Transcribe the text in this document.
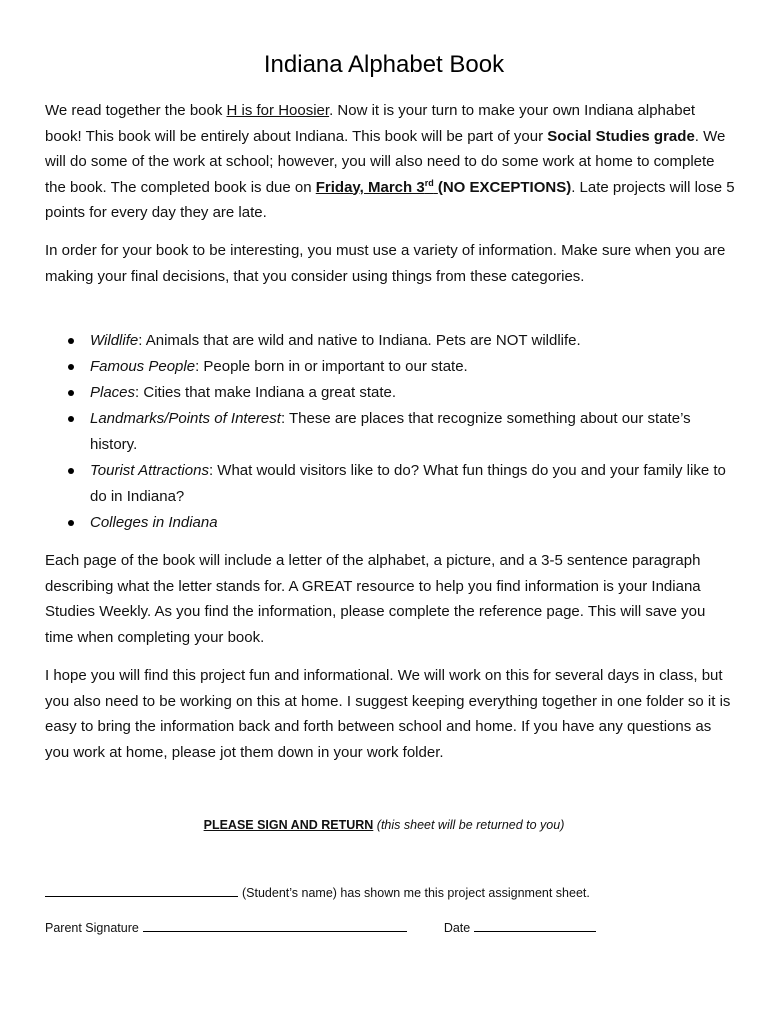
Indiana Alphabet Book

We read together the book H is for Hoosier. Now it is your turn to make your own Indiana alphabet book! This book will be entirely about Indiana. This book will be part of your Social Studies grade. We will do some of the work at school; however, you will also need to do some work at home to complete the book. The completed book is due on Friday, March 3rd (NO EXCEPTIONS). Late projects will lose 5 points for every day they are late.

In order for your book to be interesting, you must use a variety of information. Make sure when you are making your final decisions, that you consider using things from these categories.

Wildlife: Animals that are wild and native to Indiana. Pets are NOT wildlife.
Famous People: People born in or important to our state.
Places: Cities that make Indiana a great state.
Landmarks/Points of Interest: These are places that recognize something about our state’s history.
Tourist Attractions: What would visitors like to do? What fun things do you and your family like to do in Indiana?
Colleges in Indiana

Each page of the book will include a letter of the alphabet, a picture, and a 3-5 sentence paragraph describing what the letter stands for. A GREAT resource to help you find information is your Indiana Studies Weekly. As you find the information, please complete the reference page. This will save you time when completing your book.

I hope you will find this project fun and informational. We will work on this for several days in class, but you also need to be working on this at home. I suggest keeping everything together in one folder so it is easy to bring the information back and forth between school and home. If you have any questions as you work at home, please jot them down in your work folder.

PLEASE SIGN AND RETURN (this sheet will be returned to you)
(Student’s name) has shown me this project assignment sheet.
Parent Signature	Date
